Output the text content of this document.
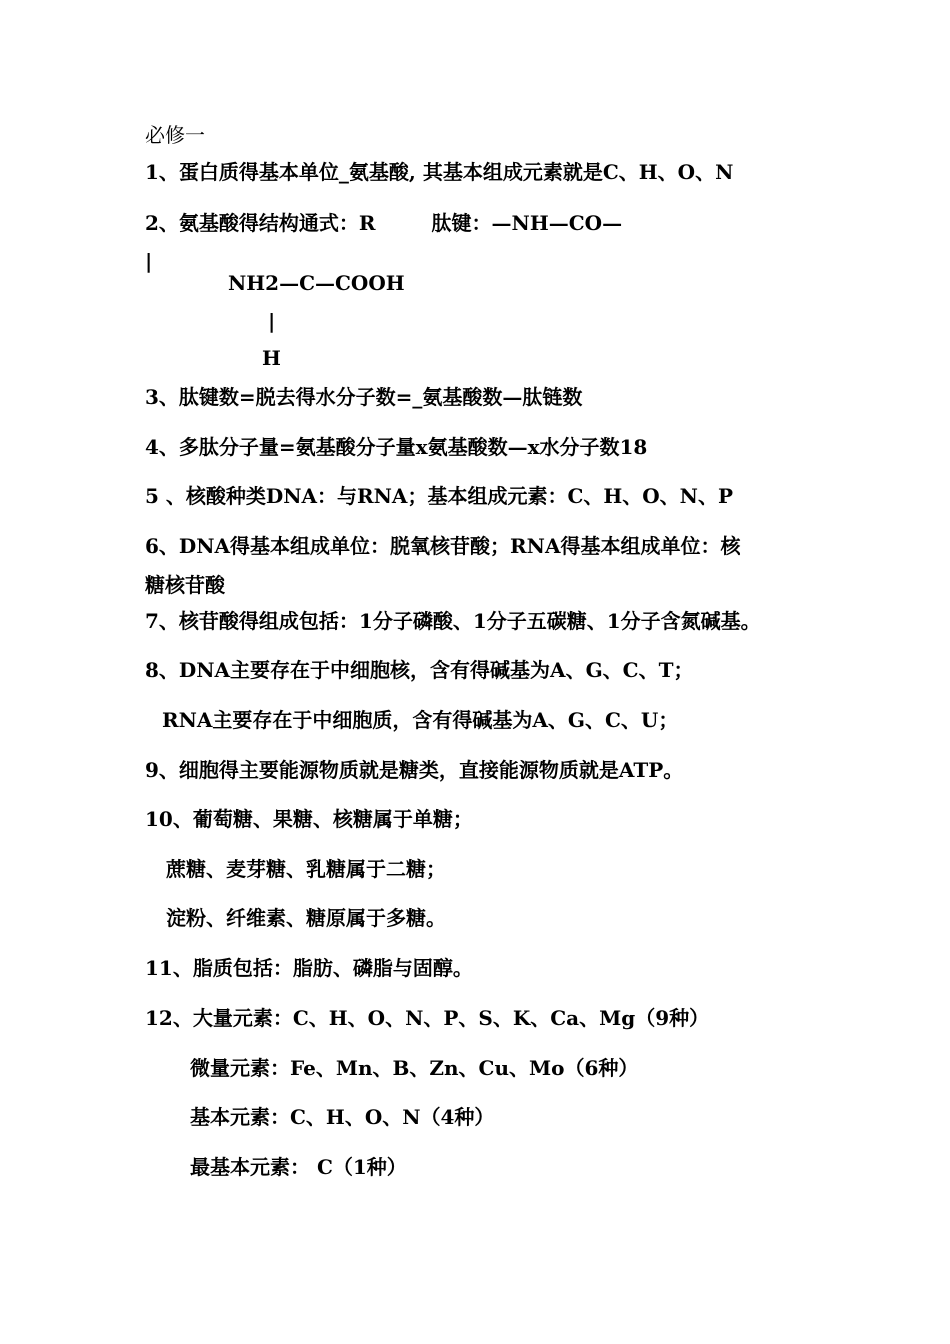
必修一
1、蛋白质得基本单位_氨基酸, 其基本组成元素就是C、H、O、N
2、氨基酸得结构通式：R	肽键：—NH—CO—
|
NH2—C—COOH
|
H
3、肽键数=脱去得水分子数=_氨基酸数—肽链数
4、多肽分子量=氨基酸分子量x氨基酸数—x水分子数18
5 、核酸种类DNA：与RNA；基本组成元素：C、H、O、N、P
6、DNA得基本组成单位：脱氧核苷酸；RNA得基本组成单位：核
糖核苷酸
7、核苷酸得组成包括：1分子磷酸、1分子五碳糖、1分子含氮碱基。
8、DNA主要存在于中细胞核，含有得碱基为A、G、C、T；
RNA主要存在于中细胞质，含有得碱基为A、G、C、U；
9、细胞得主要能源物质就是糖类，直接能源物质就是ATP。
10、葡萄糖、果糖、核糖属于单糖；
蔗糖、麦芽糖、乳糖属于二糖；
淀粉、纤维素、糖原属于多糖。
11、脂质包括：脂肪、磷脂与固醇。
12、大量元素：C、H、O、N、P、S、K、Ca、Mg（9种）
微量元素：Fe、Mn、B、Zn、Cu、Mo（6种）
基本元素：C、H、O、N（4种）
最基本元素： C（1种）
